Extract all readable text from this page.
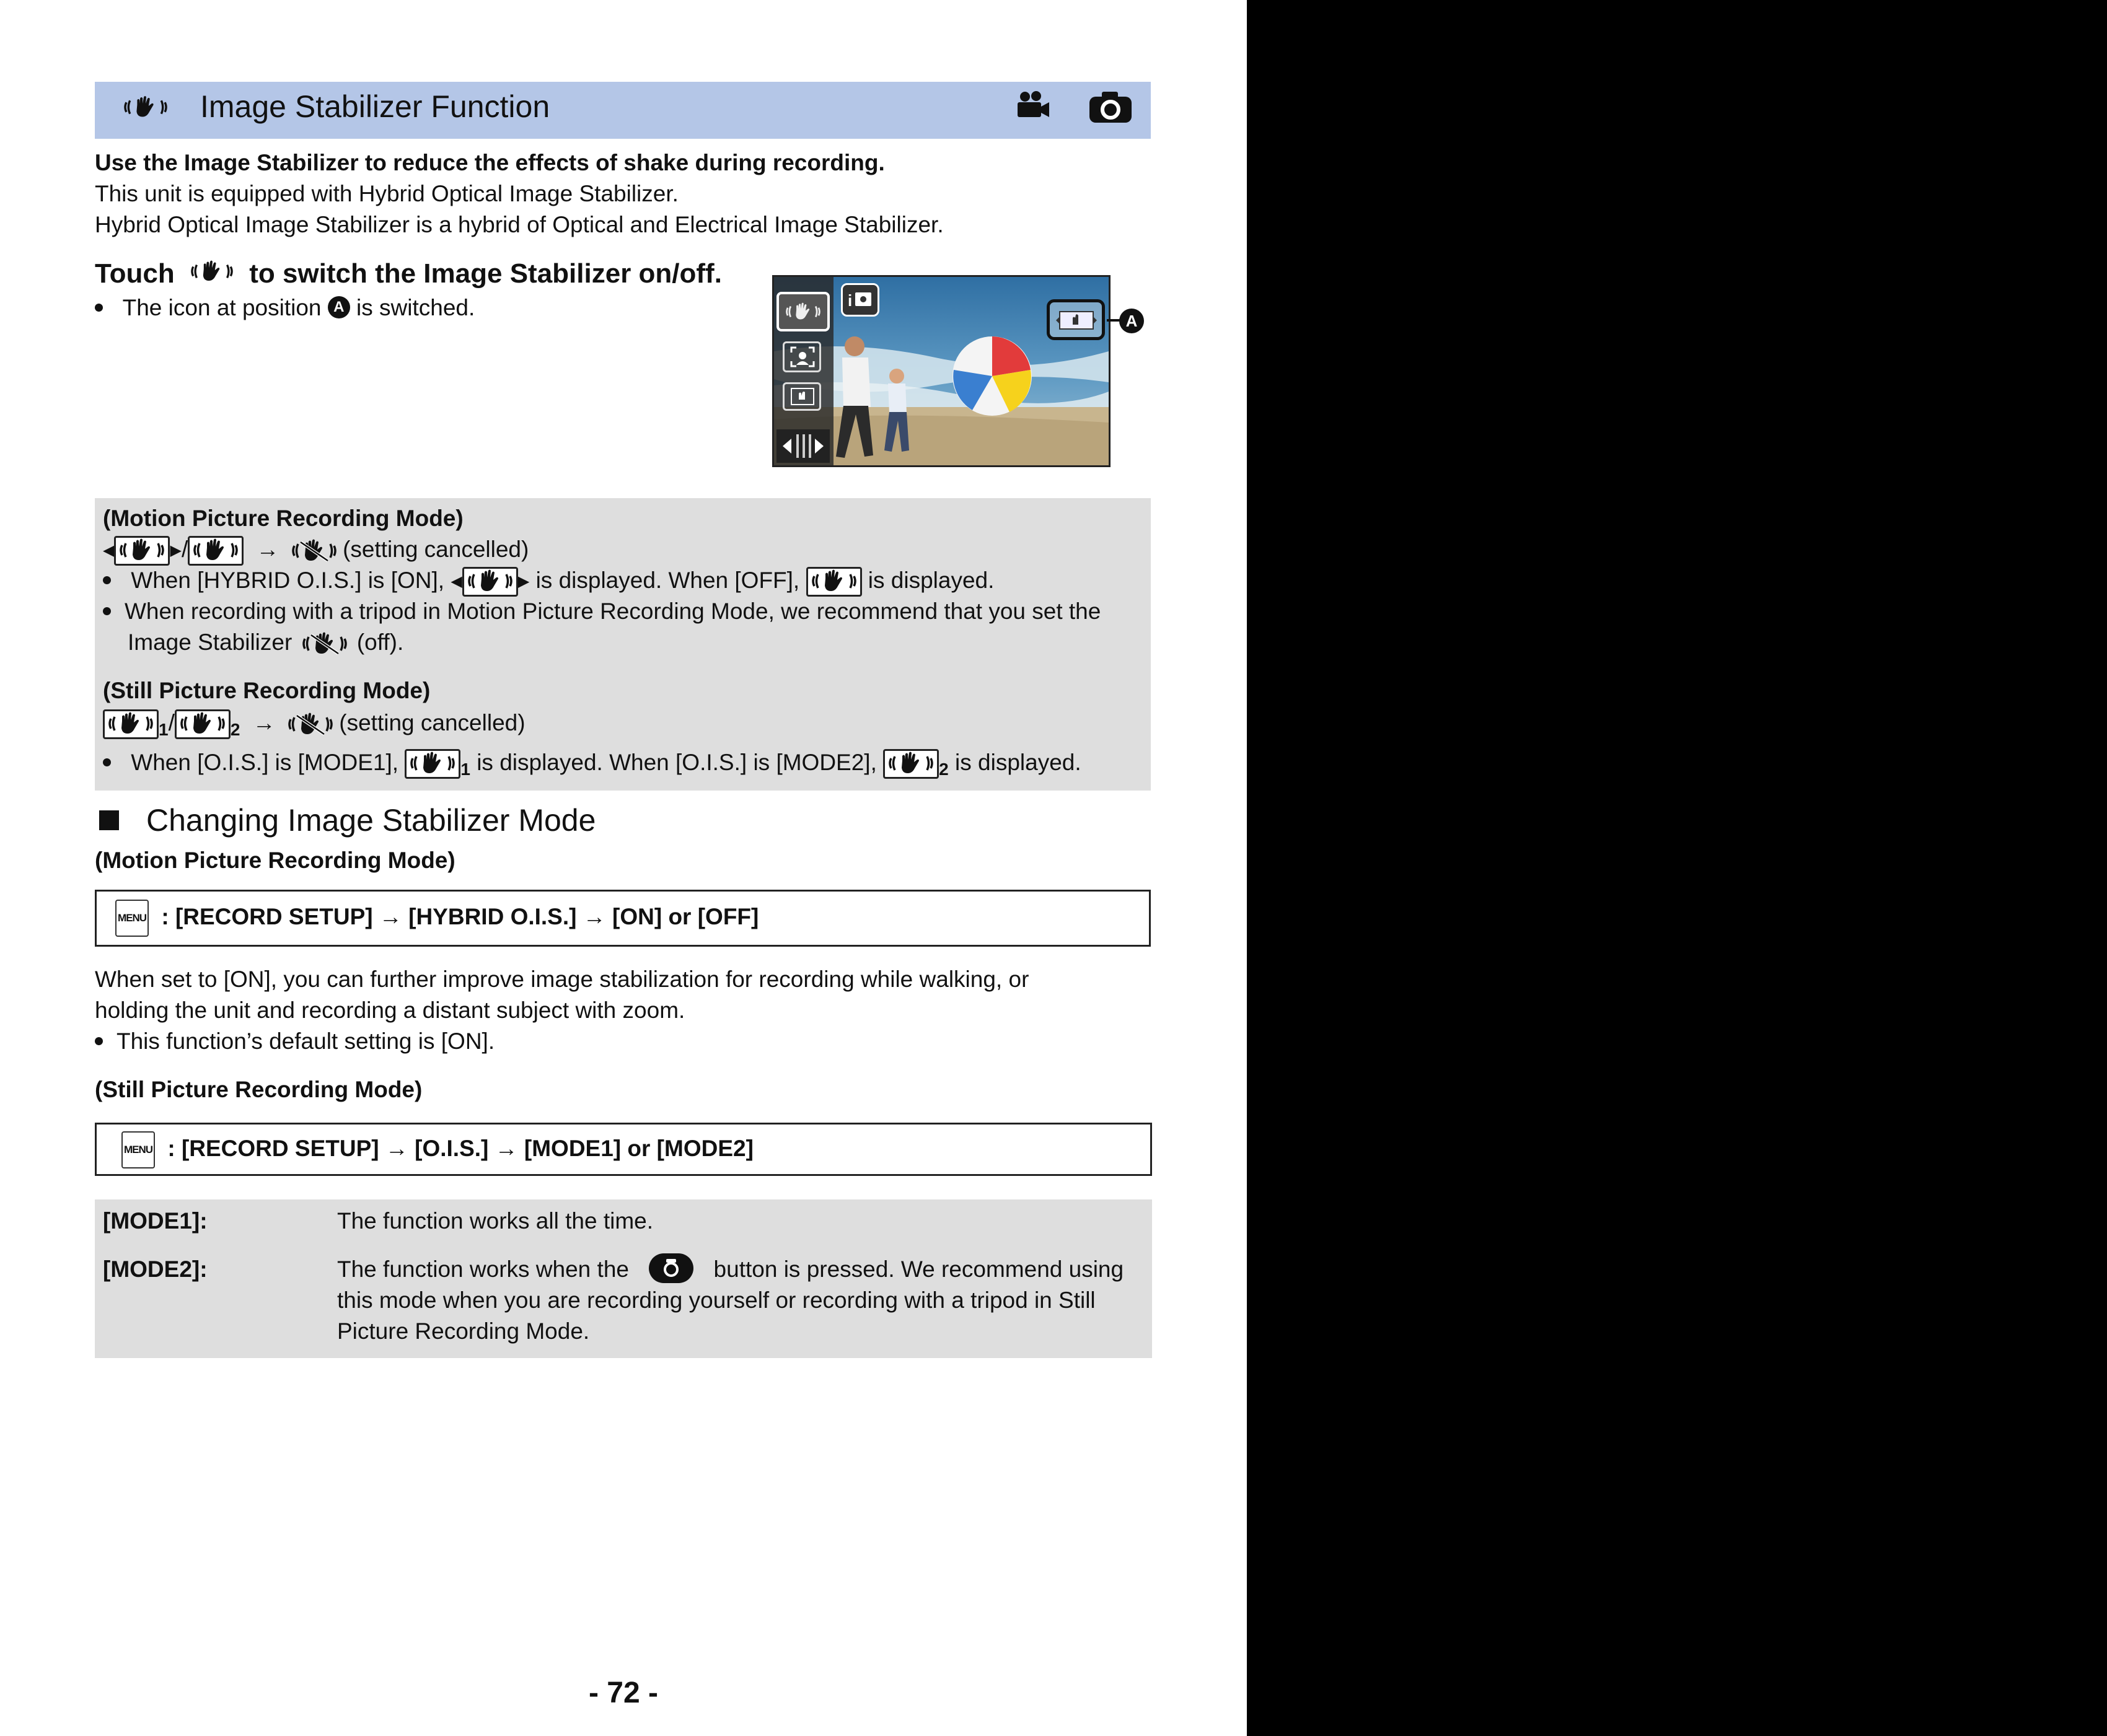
Image Stabilizer Function
Use the Image Stabilizer to reduce the effects of shake during recording.
This unit is equipped with Hybrid Optical Image Stabilizer.
Hybrid Optical Image Stabilizer is a hybrid of Optical and Electrical Image Stabilizer.
Touch	to switch the Image Stabilizer on/off.
The icon at position A is switched.	i
A
(Motion Picture Recording Mode)
◀	▶/	→	(setting cancelled)
When [HYBRID O.I.S.] is [ON], ◀	▶ is displayed. When [OFF],	is displayed.
When recording with a tripod in Motion Picture Recording Mode, we recommend that you set the
Image Stabilizer	(off).
(Still Picture Recording Mode)
$_1$/	$_2$ →	(setting cancelled)
When [O.I.S.] is [MODE1],	$_1$ is displayed. When [O.I.S.] is [MODE2],	$_2$ is displayed.
Changing Image Stabilizer Mode
(Motion Picture Recording Mode)
MENU : [RECORD SETUP] → [HYBRID O.I.S.] → [ON] or [OFF]
When set to [ON], you can further improve image stabilization for recording while walking, or
holding the unit and recording a distant subject with zoom.
This function’s default setting is [ON].
(Still Picture Recording Mode)
MENU : [RECORD SETUP] → [O.I.S.] → [MODE1] or [MODE2]
[MODE1]:	The function works all the time.
[MODE2]:	The function works when the	button is pressed. We recommend using
this mode when you are recording yourself or recording with a tripod in Still
Picture Recording Mode.
- 72 -
